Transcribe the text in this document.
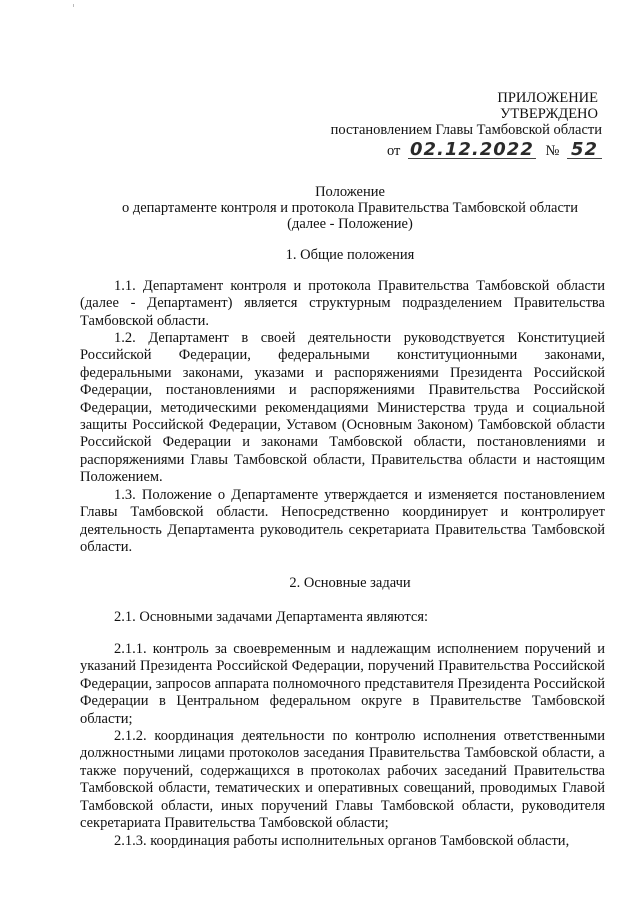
ПРИЛОЖЕНИЕ
УТВЕРЖДЕНО
постановлением Главы Тамбовской области
от 02.12.2022 № 52
Положение
о департаменте контроля и протокола Правительства Тамбовской области
(далее - Положение)
1. Общие положения

1.1. Департамент контроля и протокола Правительства Тамбовской области (далее - Департамент) является структурным подразделением Правительства Тамбовской области.

1.2. Департамент в своей деятельности руководствуется Конституцией Российской Федерации, федеральными конституционными законами, федеральными законами, указами и распоряжениями Президента Российской Федерации, постановлениями и распоряжениями Правительства Российской Федерации, методическими рекомендациями Министерства труда и социальной защиты Российской Федерации, Уставом (Основным Законом) Тамбовской области Российской Федерации и законами Тамбовской области, постановлениями и распоряжениями Главы Тамбовской области, Правительства области и настоящим Положением.

1.3. Положение о Департаменте утверждается и изменяется постановлением Главы Тамбовской области. Непосредственно координирует и контролирует деятельность Департамента руководитель секретариата Правительства Тамбовской области.

2. Основные задачи

2.1. Основными задачами Департамента являются:

2.1.1. контроль за своевременным и надлежащим исполнением поручений и указаний Президента Российской Федерации, поручений Правительства Российской Федерации, запросов аппарата полномочного представителя Президента Российской Федерации в Центральном федеральном округе в Правительстве Тамбовской области;

2.1.2. координация деятельности по контролю исполнения ответственными должностными лицами протоколов заседания Правительства Тамбовской области, а также поручений, содержащихся в протоколах рабочих заседаний Правительства Тамбовской области, тематических и оперативных совещаний, проводимых Главой Тамбовской области, иных поручений Главы Тамбовской области, руководителя секретариата Правительства Тамбовской области;

2.1.3. координация работы исполнительных органов Тамбовской области,
